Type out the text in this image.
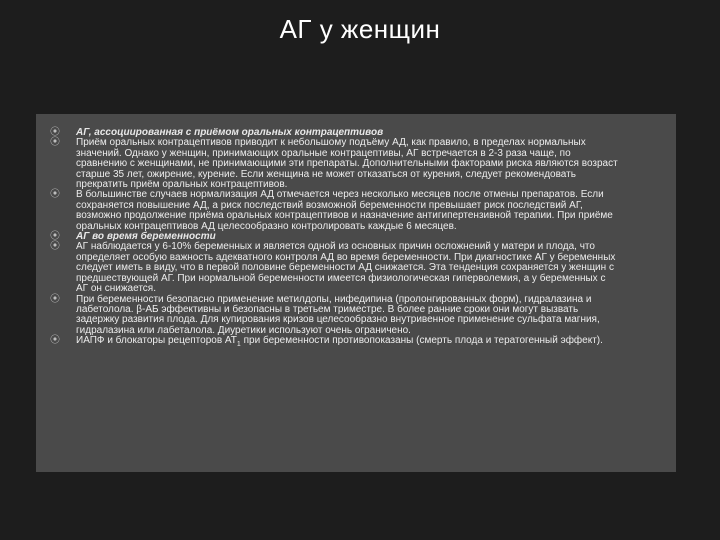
АГ у женщин
⦿ АГ, ассоциированная с приёмом оральных контрацептивов
⦿ Приём оральных контрацептивов приводит к небольшому подъёму АД, как правило, в пределах нормальных значений. Однако у женщин, принимающих оральные контрацептивы, АГ встречается в 2-3 раза чаще, по сравнению с женщинами, не принимающими эти препараты. Дополнительными факторами риска являются возраст старше 35 лет, ожирение, курение. Если женщина не может отказаться от курения, следует рекомендовать прекратить приём оральных контрацептивов.
⦿ В большинстве случаев нормализация АД отмечается через несколько месяцев после отмены препаратов. Если сохраняется повышение АД, а риск последствий возможной беременности превышает риск последствий АГ, возможно продолжение приёма оральных контрацептивов и назначение антигипертензивной терапии. При приёме оральных контрацептивов АД целесообразно контролировать каждые 6 месяцев.
⦿ АГ во время беременности
⦿ АГ наблюдается у 6-10% беременных и является одной из основных причин осложнений у матери и плода, что определяет особую важность адекватного контроля АД во время беременности. При диагностике АГ у беременных следует иметь в виду, что в первой половине беременности АД снижается. Эта тенденция сохраняется у женщин с предшествующей АГ. При нормальной беременности имеется физиологическая гиперволемия, а у беременных с АГ он снижается.
⦿ При беременности безопасно применение метилдопы, нифедипина (пролонгированных форм), гидралазина и лабетолола. β-АБ эффективны и безопасны в третьем триместре. В более ранние сроки они могут вызвать задержку развития плода. Для купирования кризов целесообразно внутривенное применение сульфата магния, гидралазина или лабеталола. Диуретики используют очень ограничено.
⦿ ИАПФ и блокаторы рецепторов $АТ_1$ при беременности противопоказаны (смерть плода и тератогенный эффект).
